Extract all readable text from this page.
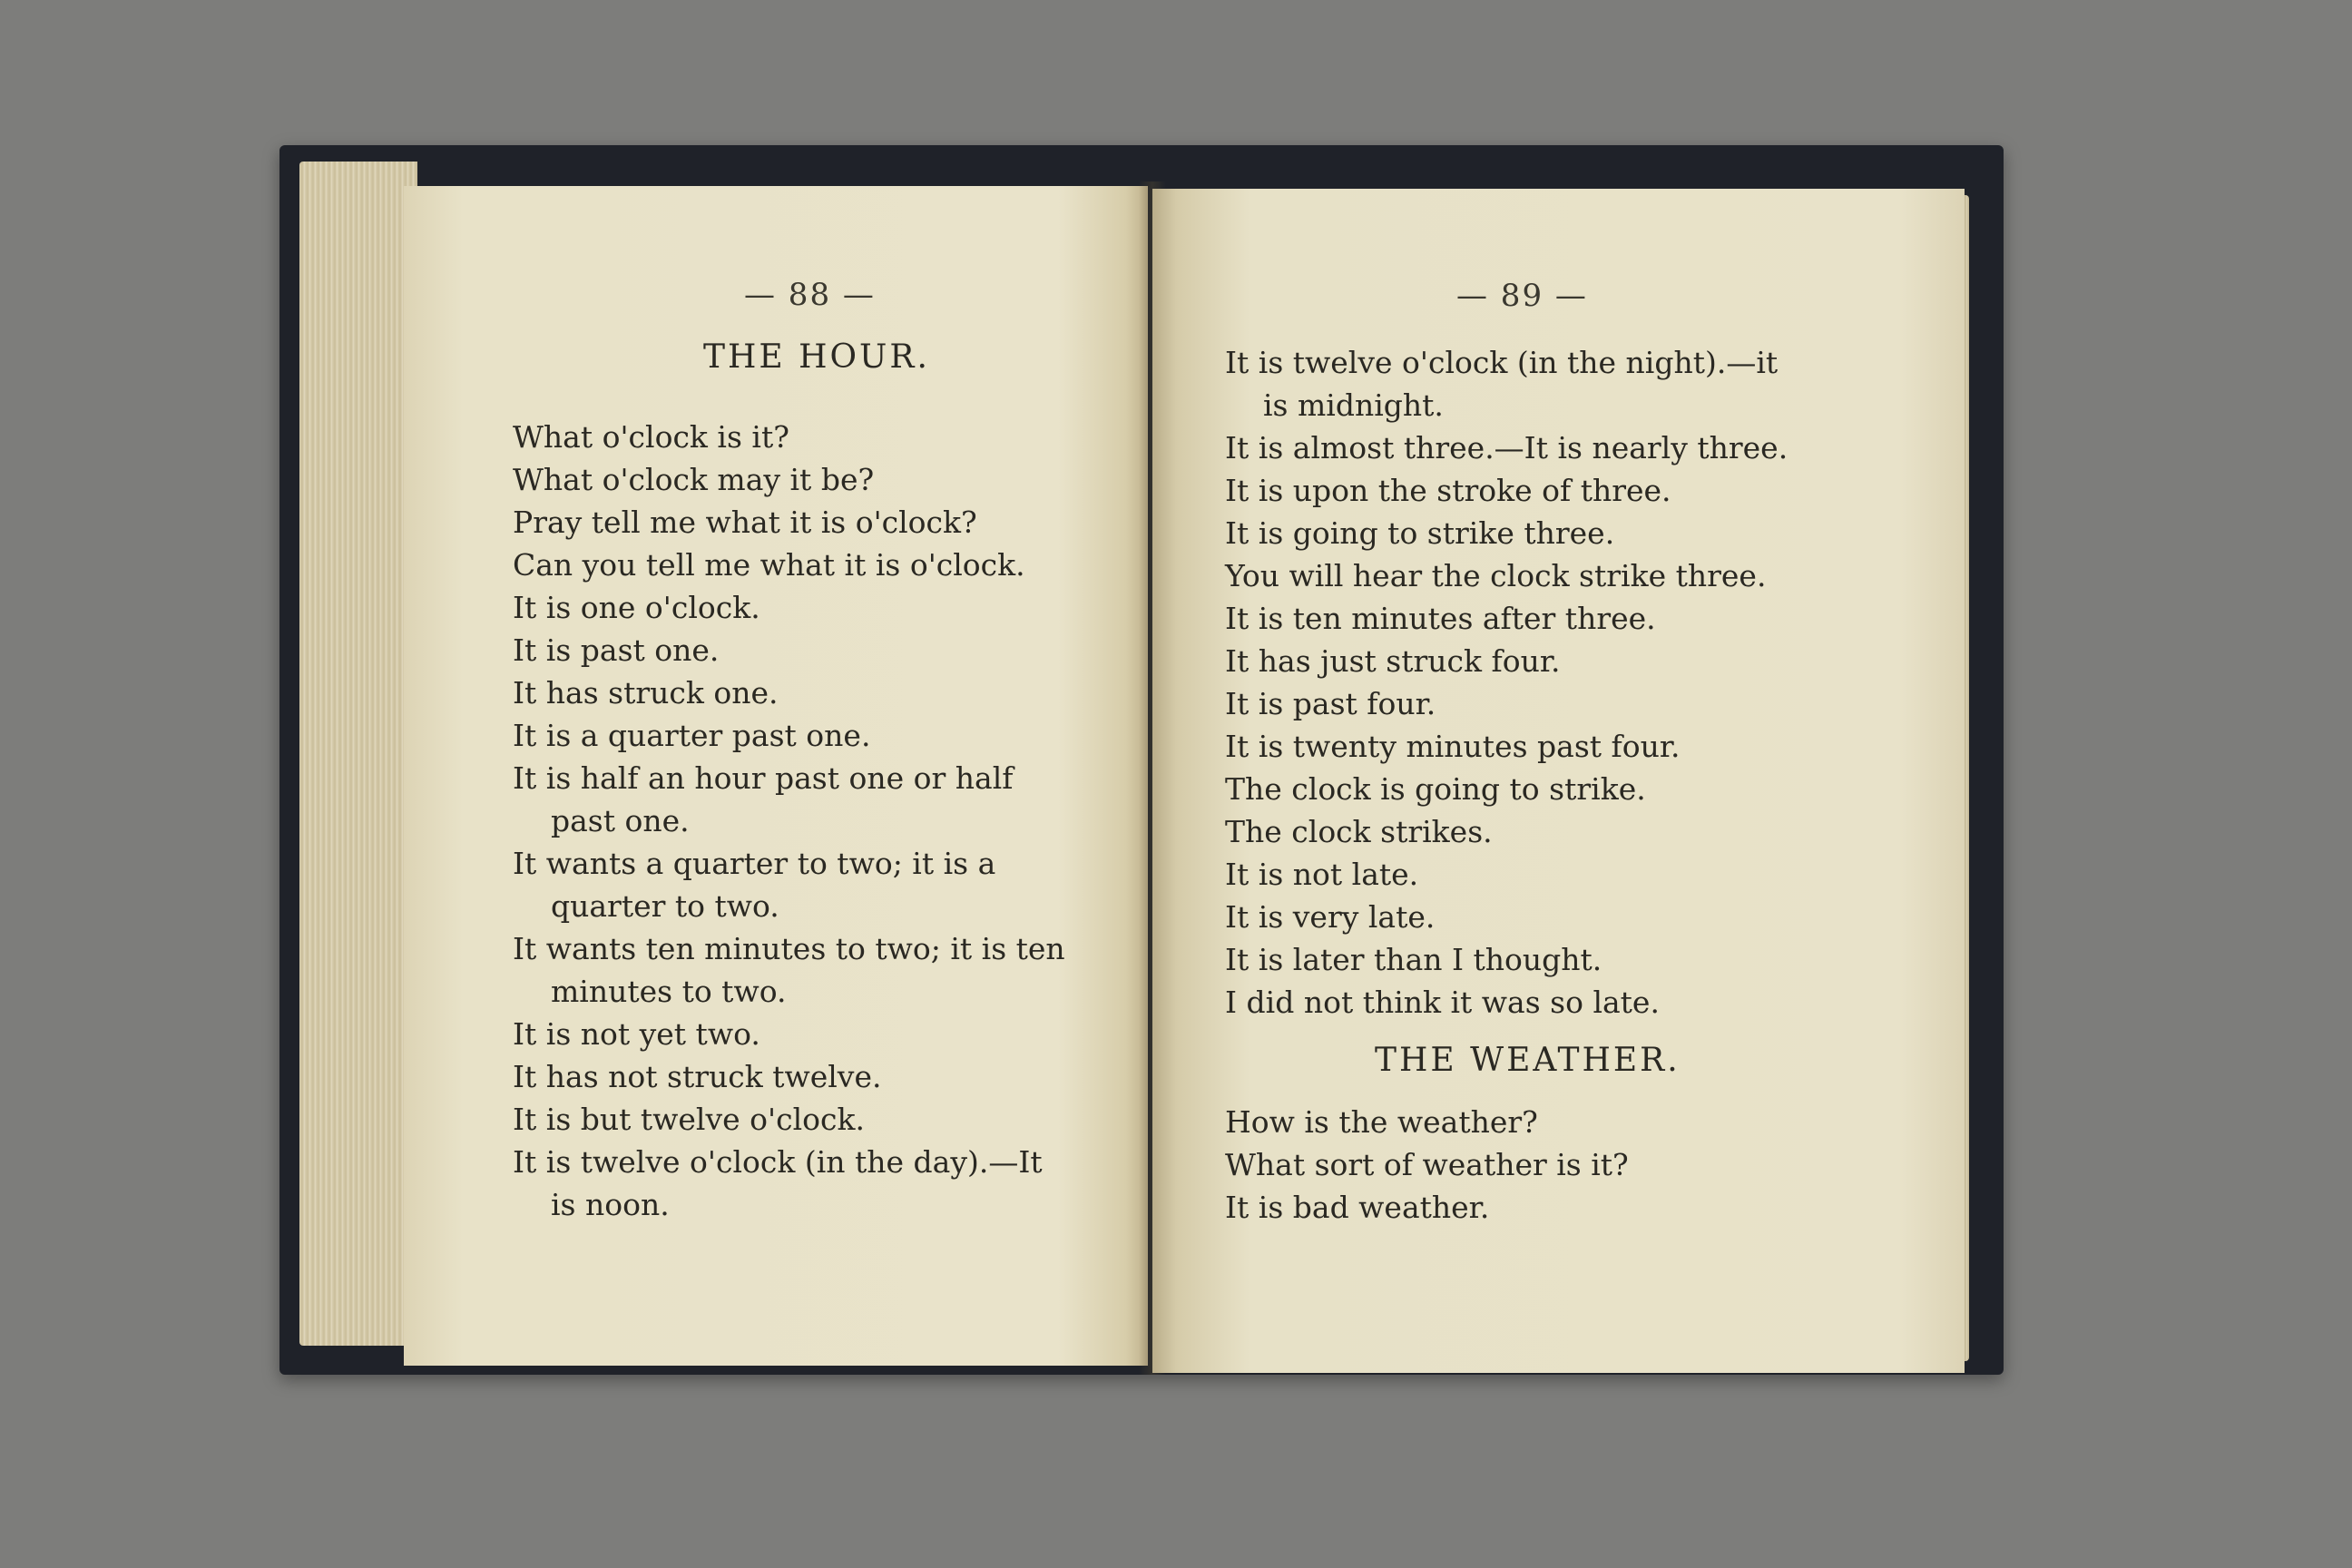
— 88 —
THE HOUR.
What o'clock is it?
What o'clock may it be?
Pray tell me what it is o'clock?
Can you tell me what it is o'clock.
It is one o'clock.
It is past one.
It has struck one.
It is a quarter past one.
It is half an hour past one or half
past one.
It wants a quarter to two; it is a
quarter to two.
It wants ten minutes to two; it is ten
minutes to two.
It is not yet two.
It has not struck twelve.
It is but twelve o'clock.
It is twelve o'clock (in the day).—It
is noon.
— 89 —
It is twelve o'clock (in the night).—it
is midnight.
It is almost three.—It is nearly three.
It is upon the stroke of three.
It is going to strike three.
You will hear the clock strike three.
It is ten minutes after three.
It has just struck four.
It is past four.
It is twenty minutes past four.
The clock is going to strike.
The clock strikes.
It is not late.
It is very late.
It is later than I thought.
I did not think it was so late.
THE WEATHER.
How is the weather?
What sort of weather is it?
It is bad weather.
